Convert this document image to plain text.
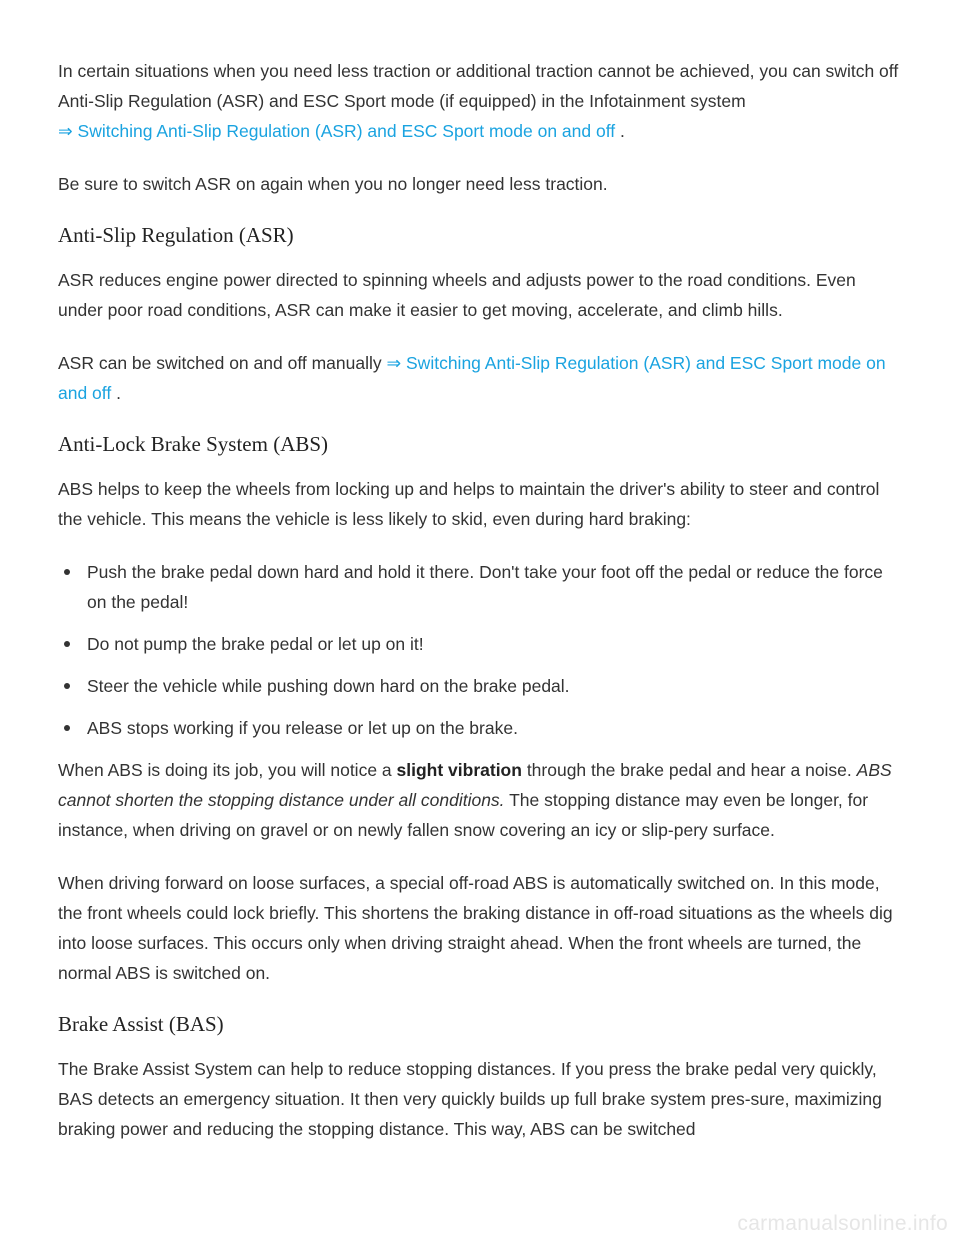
In certain situations when you need less traction or additional traction cannot be achieved, you can switch off Anti-Slip Regulation (ASR) and ESC Sport mode (if equipped) in the Infotainment system
⇒ Switching Anti-Slip Regulation (ASR) and ESC Sport mode on and off .

Be sure to switch ASR on again when you no longer need less traction.

Anti-Slip Regulation (ASR)

ASR reduces engine power directed to spinning wheels and adjusts power to the road conditions. Even under poor road conditions, ASR can make it easier to get moving, accelerate, and climb hills.

ASR can be switched on and off manually ⇒ Switching Anti-Slip Regulation (ASR) and ESC Sport mode on and off .

Anti-Lock Brake System (ABS)

ABS helps to keep the wheels from locking up and helps to maintain the driver's ability to steer and control the vehicle. This means the vehicle is less likely to skid, even during hard braking:

Push the brake pedal down hard and hold it there. Don't take your foot off the pedal or reduce the force on the pedal!
Do not pump the brake pedal or let up on it!
Steer the vehicle while pushing down hard on the brake pedal.
ABS stops working if you release or let up on the brake.

When ABS is doing its job, you will notice a slight vibration through the brake pedal and hear a noise. ABS cannot shorten the stopping distance under all conditions. The stopping distance may even be longer, for instance, when driving on gravel or on newly fallen snow covering an icy or slip-pery surface.

When driving forward on loose surfaces, a special off-road ABS is automatically switched on. In this mode, the front wheels could lock briefly. This shortens the braking distance in off-road situations as the wheels dig into loose surfaces. This occurs only when driving straight ahead. When the front wheels are turned, the normal ABS is switched on.

Brake Assist (BAS)

The Brake Assist System can help to reduce stopping distances. If you press the brake pedal very quickly, BAS detects an emergency situation. It then very quickly builds up full brake system pres-sure, maximizing braking power and reducing the stopping distance. This way, ABS can be switched

carmanualsonline.info
